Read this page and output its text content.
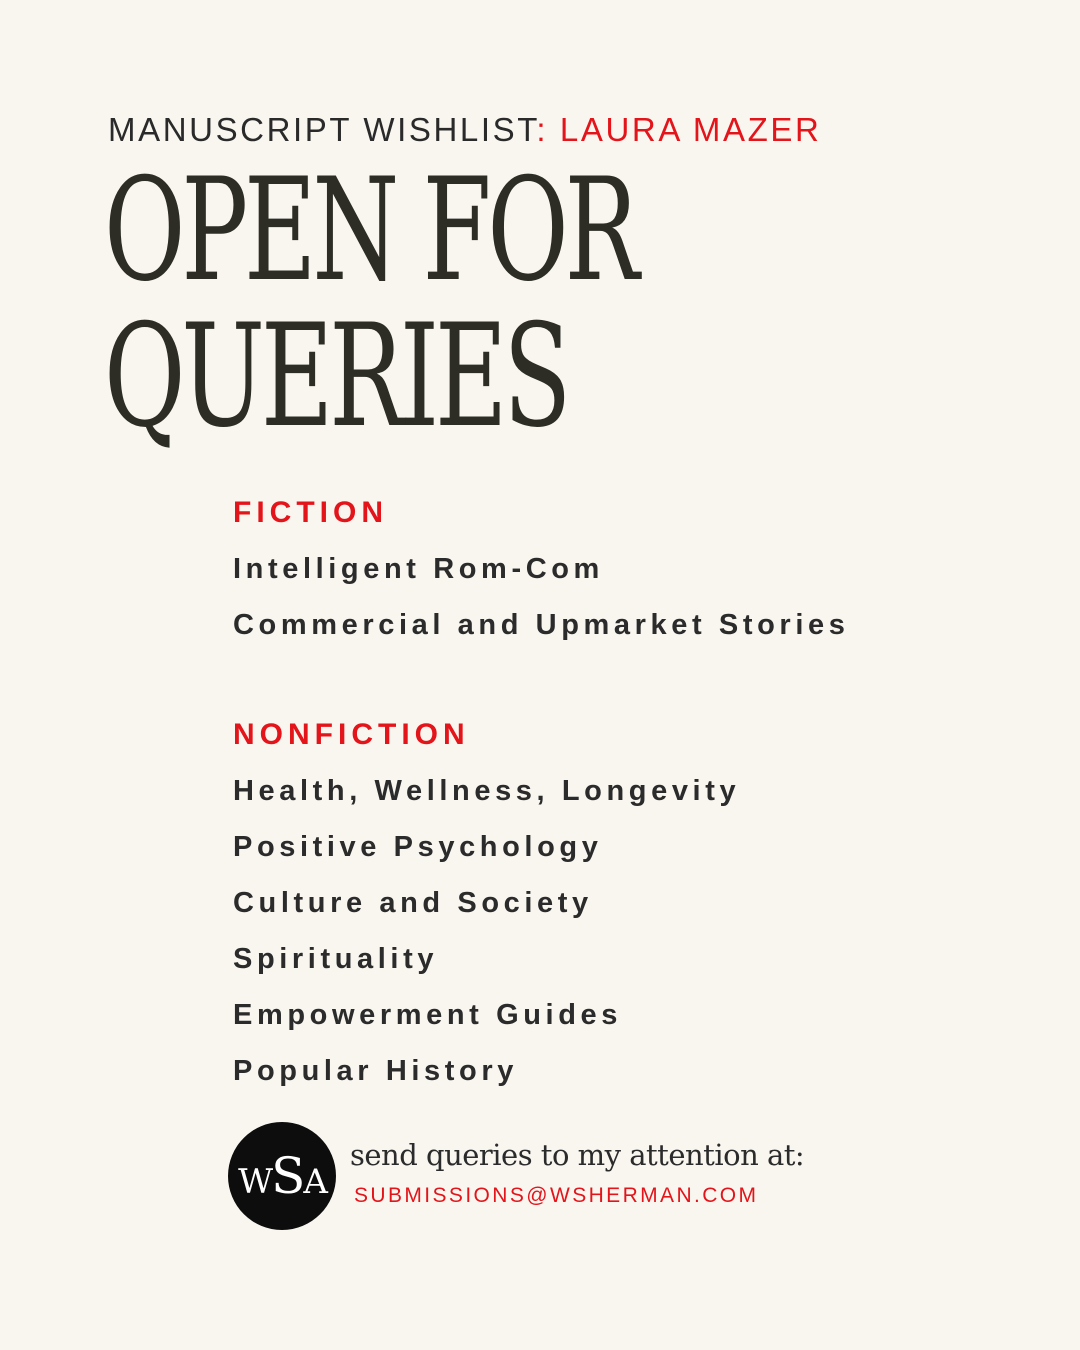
MANUSCRIPT WISHLIST: LAURA MAZER
OPEN FOR
QUERIES
FICTION
Intelligent Rom-Com
Commercial and Upmarket Stories
NONFICTION
Health, Wellness, Longevity
Positive Psychology
Culture and Society
Spirituality
Empowerment Guides
Popular History
WSA
send queries to my attention at:
SUBMISSIONS@WSHERMAN.COM
